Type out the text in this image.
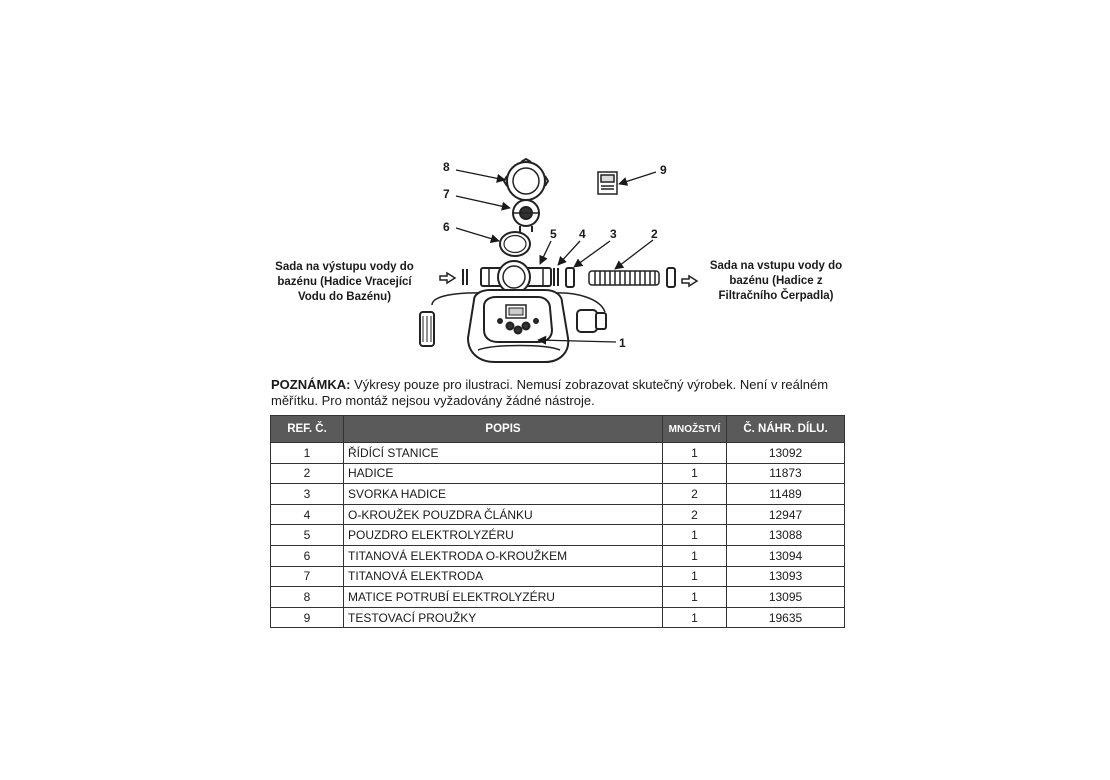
8
7
6	5 4 3	2
9
1
Sada na výstupu vody do bazénu (Hadice Vracející Vodu do Bazénu)
Sada na vstupu vody do bazénu (Hadice z Filtračního Čerpadla)
POZNÁMKA: Výkresy pouze pro ilustraci. Nemusí zobrazovat skutečný výrobek. Není v reálném měřítku. Pro montáž nejsou vyžadovány žádné nástroje.
REF. Č.	POPIS	MNOŽSTVÍ	Č. NÁHR. DÍLU.
1	ŘÍDÍCÍ STANICE	1	13092
2	HADICE	1	11873
3	SVORKA HADICE	2	11489
4	O-KROUŽEK POUZDRA ČLÁNKU	2	12947
5	POUZDRO ELEKTROLYZÉRU	1	13088
6	TITANOVÁ ELEKTRODA O-KROUŽKEM	1	13094
7	TITANOVÁ ELEKTRODA	1	13093
8	MATICE POTRUBÍ ELEKTROLYZÉRU	1	13095
9	TESTOVACÍ PROUŽKY	1	19635
